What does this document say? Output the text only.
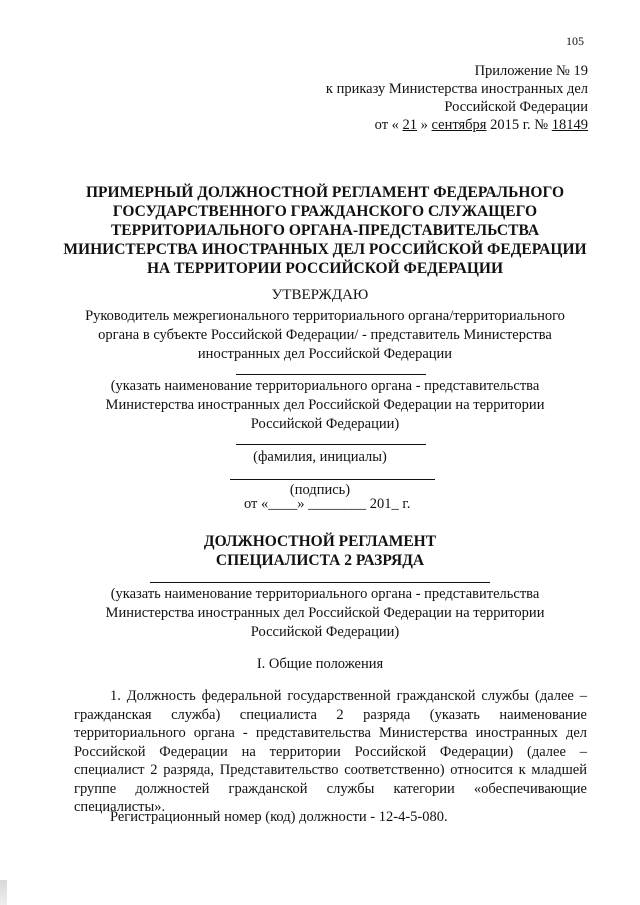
105
Приложение № 19
к приказу Министерства иностранных дел
Российской Федерации
от « 21 » сентября 2015 г. № 18149
ПРИМЕРНЫЙ ДОЛЖНОСТНОЙ РЕГЛАМЕНТ ФЕДЕРАЛЬНОГО
ГОСУДАРСТВЕННОГО ГРАЖДАНСКОГО СЛУЖАЩЕГО
ТЕРРИТОРИАЛЬНОГО ОРГАНА-ПРЕДСТАВИТЕЛЬСТВА
МИНИСТЕРСТВА ИНОСТРАННЫХ ДЕЛ РОССИЙСКОЙ ФЕДЕРАЦИИ
НА ТЕРРИТОРИИ РОССИЙСКОЙ ФЕДЕРАЦИИ
УТВЕРЖДАЮ
Руководитель межрегионального территориального органа/территориального
органа в субъекте Российской Федерации/ - представитель Министерства
иностранных дел Российской Федерации
(указать наименование территориального органа - представительства
Министерства иностранных дел Российской Федерации на территории
Российской Федерации)
(фамилия, инициалы)
(подпись)
от «____» ________ 201_ г.
ДОЛЖНОСТНОЙ РЕГЛАМЕНТ
СПЕЦИАЛИСТА 2 РАЗРЯДА
(указать наименование территориального органа - представительства
Министерства иностранных дел Российской Федерации на территории
Российской Федерации)
I. Общие положения
1. Должность федеральной государственной гражданской службы (далее – гражданская служба) специалиста 2 разряда (указать наименование территориального органа - представительства Министерства иностранных дел Российской Федерации на территории Российской Федерации) (далее – специалист 2 разряда, Представительство соответственно) относится к младшей группе должностей гражданской службы категории «обеспечивающие специалисты».
Регистрационный номер (код) должности - 12-4-5-080.
